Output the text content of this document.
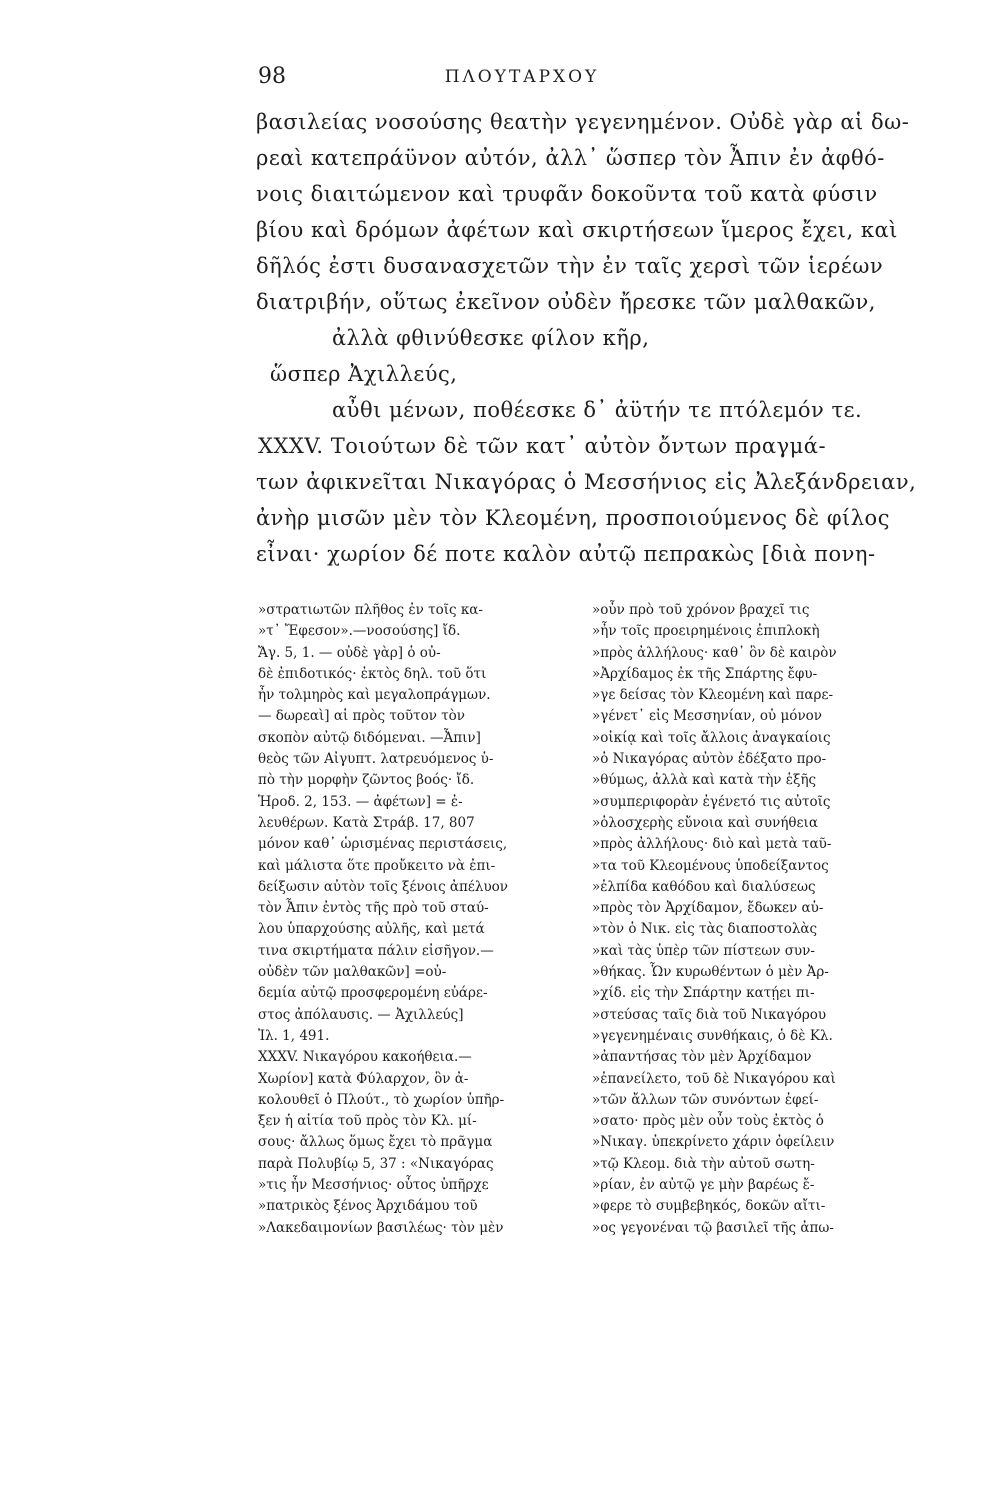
98	ΠΛΟΥΤΑΡΧΟΥ
βασιλείας νοσούσης θεατὴν γεγενημένον. Οὐδὲ γὰρ αἱ δω-
ρεαὶ κατεπράϋνον αὐτόν, ἀλλ᾿ ὥσπερ τὸν Ἆπιν ἐν ἀφθό-
νοις διαιτώμενον καὶ τρυφᾶν δοκοῦντα τοῦ κατὰ φύσιν
βίου καὶ δρόμων ἀφέτων καὶ σκιρτήσεων ἵμερος ἔχει, καὶ
δῆλός ἐστι δυσανασχετῶν τὴν ἐν ταῖς χερσὶ τῶν ἱερέων
διατριβήν, οὕτως ἐκεῖνον οὐδὲν ἤρεσκε τῶν μαλθακῶν,
ἀλλὰ φθινύθεσκε φίλον κῆρ,
ὥσπερ Ἀχιλλεύς,
αὖθι μένων, ποθέεσκε δ᾿ ἀϋτήν τε πτόλεμόν τε.
XXXV. Τοιούτων δὲ τῶν κατ᾿ αὐτὸν ὄντων πραγμά-
των ἀφικνεῖται Νικαγόρας ὁ Μεσσήνιος εἰς Ἀλεξάνδρειαν,
ἀνὴρ μισῶν μὲν τὸν Κλεομένη, προσποιούμενος δὲ φίλος
εἶναι· χωρίον δέ ποτε καλὸν αὐτῷ πεπρακὼς [διὰ πονη-
»στρατιωτῶν πλῆθος ἐν τοῖς κα-
»τ᾿ Ἔφεσον».—νοσούσης] ἴδ.
Ἄγ. 5, 1. — οὐδὲ γὰρ] ὁ οὐ-
δὲ ἐπιδοτικός· ἐκτὸς δηλ. τοῦ ὅτι
ἦν τολμηρὸς καὶ μεγαλοπράγμων.
— δωρεαὶ] αἱ πρὸς τοῦτον τὸν
σκοπὸν αὐτῷ διδόμεναι. —Ἆπιν]
θεὸς τῶν Αἰγυπτ. λατρευόμενος ὑ-
πὸ τὴν μορφὴν ζῶντος βοός· ἴδ.
Ἡροδ. 2, 153. — ἀφέτων] = ἐ-
λευθέρων. Κατὰ Στράβ. 17, 807
μόνον καθ᾿ ὡρισμένας περιστάσεις,
καὶ μάλιστα ὅτε προὔκειτο νὰ ἐπι-
δείξωσιν αὐτὸν τοῖς ξένοις ἀπέλυον
τὸν Ἆπιν ἐντὸς τῆς πρὸ τοῦ σταύ-
λου ὑπαρχούσης αὐλῆς, καὶ μετά
τινα σκιρτήματα πάλιν εἰσῆγον.—
οὐδὲν τῶν μαλθακῶν] =οὐ-
δεμία αὐτῷ προσφερομένη εὐάρε-
στος ἀπόλαυσις. — Ἀχιλλεύς]
Ἰλ. 1, 491.
XXXV. Νικαγόρου κακοήθεια.—
Χωρίον] κατὰ Φύλαρχον, ὃν ἀ-
κολουθεῖ ὁ Πλούτ., τὸ χωρίον ὑπῆρ-
ξεν ἡ αἰτία τοῦ πρὸς τὸν Κλ. μί-
σους· ἄλλως ὅμως ἔχει τὸ πρᾶγμα
παρὰ Πολυβίῳ 5, 37 : «Νικαγόρας
»τις ἦν Μεσσήνιος· οὗτος ὑπῆρχε
»πατρικὸς ξένος Ἀρχιδάμου τοῦ
»Λακεδαιμονίων βασιλέως· τὸν μὲν
»οὖν πρὸ τοῦ χρόνον βραχεῖ τις
»ἦν τοῖς προειρημένοις ἐπιπλοκὴ
»πρὸς ἀλλήλους· καθ᾿ ὃν δὲ καιρὸν
»Ἀρχίδαμος ἐκ τῆς Σπάρτης ἔφυ-
»γε δείσας τὸν Κλεομένη καὶ παρε-
»γένετ᾿ εἰς Μεσσηνίαν, οὐ μόνον
»οἰκίᾳ καὶ τοῖς ἄλλοις ἀναγκαίοις
»ὁ Νικαγόρας αὐτὸν ἐδέξατο προ-
»θύμως, ἀλλὰ καὶ κατὰ τὴν ἑξῆς
»συμπεριφορὰν ἐγένετό τις αὐτοῖς
»ὁλοσχερὴς εὔνοια καὶ συνήθεια
»πρὸς ἀλλήλους· διὸ καὶ μετὰ ταῦ-
»τα τοῦ Κλεομένους ὑποδείξαντος
»ἐλπίδα καθόδου καὶ διαλύσεως
»πρὸς τὸν Ἀρχίδαμον, ἔδωκεν αὑ-
»τὸν ὁ Νικ. εἰς τὰς διαποστολὰς
»καὶ τὰς ὑπὲρ τῶν πίστεων συν-
»θήκας. Ὧν κυρωθέντων ὁ μὲν Ἀρ-
»χίδ. εἰς τὴν Σπάρτην κατῄει πι-
»στεύσας ταῖς διὰ τοῦ Νικαγόρου
»γεγενημέναις συνθήκαις, ὁ δὲ Κλ.
»ἀπαντήσας τὸν μὲν Ἀρχίδαμον
»ἐπανείλετο, τοῦ δὲ Νικαγόρου καὶ
»τῶν ἄλλων τῶν συνόντων ἐφεί-
»σατο· πρὸς μὲν οὖν τοὺς ἐκτὸς ὁ
»Νικαγ. ὑπεκρίνετο χάριν ὀφείλειν
»τῷ Κλεομ. διὰ τὴν αὐτοῦ σωτη-
»ρίαν, ἐν αὐτῷ γε μὴν βαρέως ἔ-
»φερε τὸ συμβεβηκός, δοκῶν αἴτι-
»ος γεγονέναι τῷ βασιλεῖ τῆς ἀπω-
